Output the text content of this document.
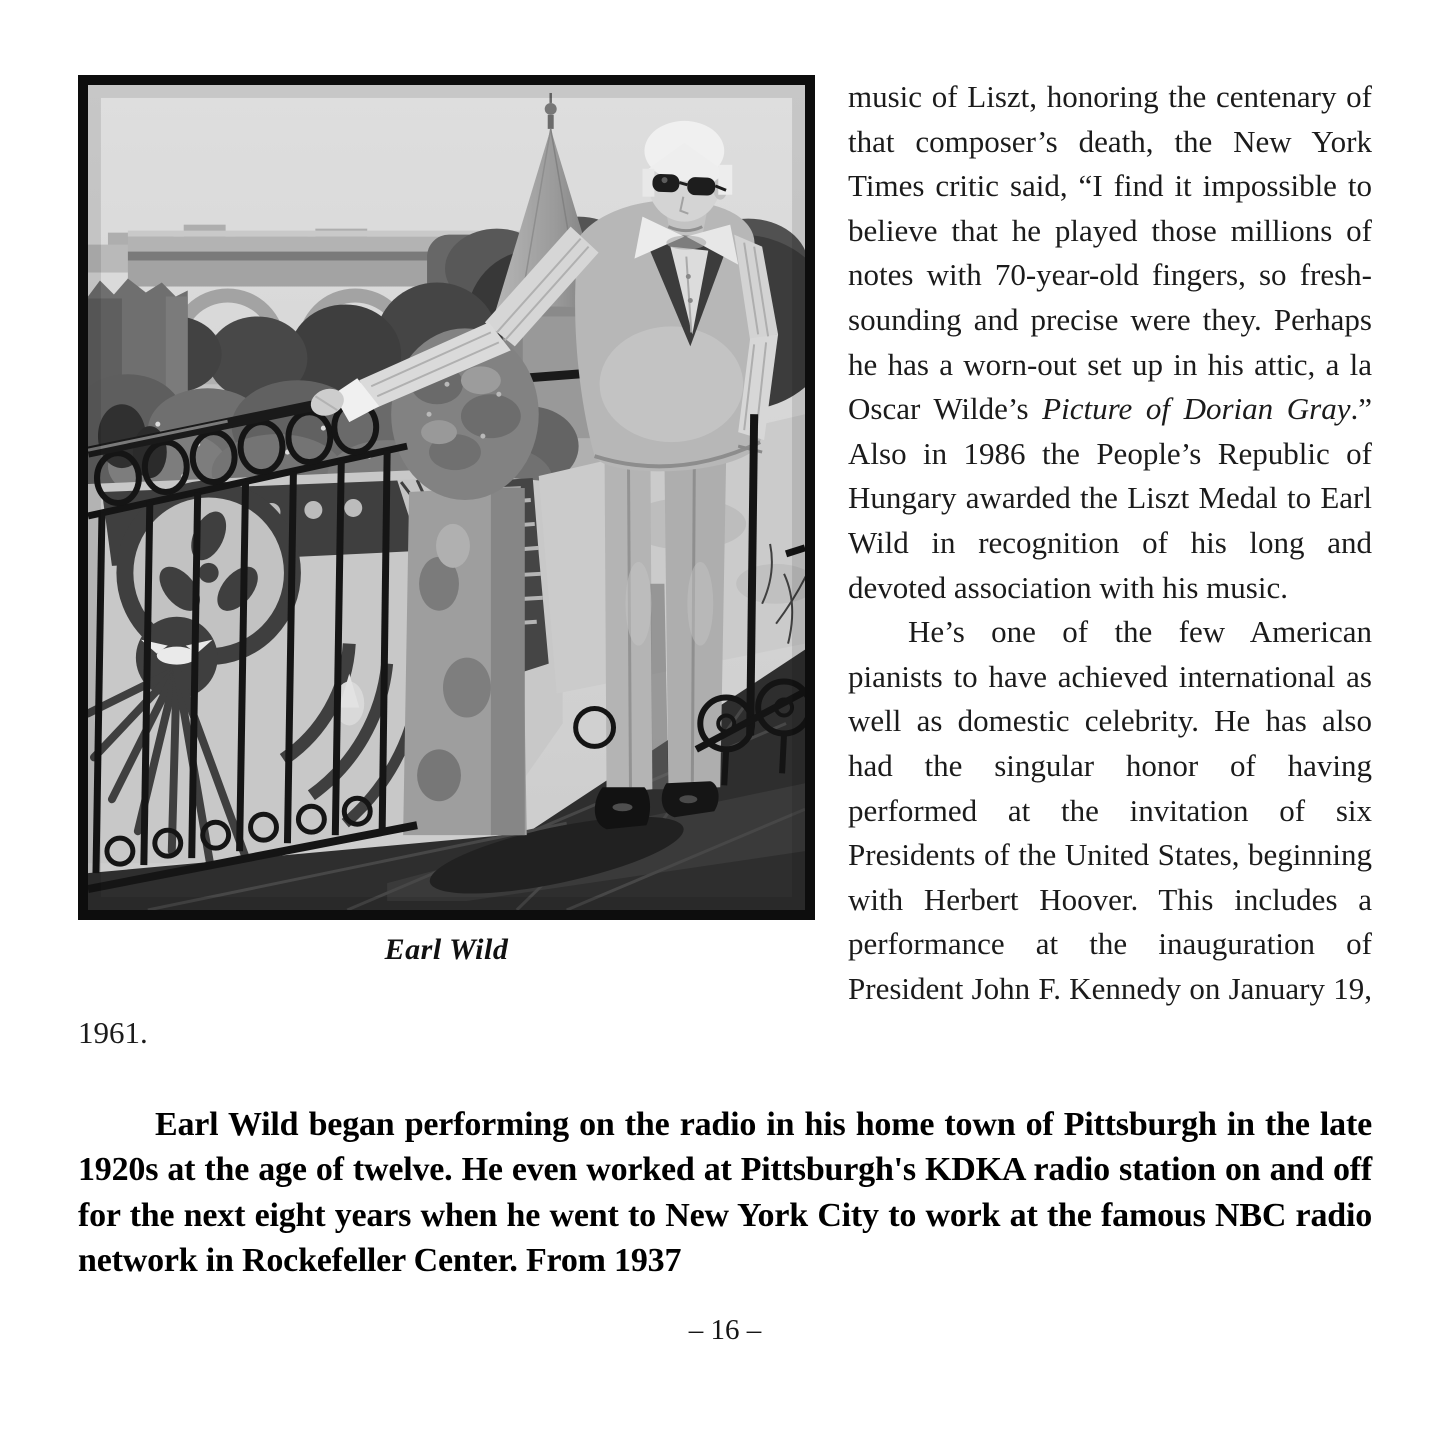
Earl Wild

music of Liszt, honoring the centenary of that composer’s death, the New York Times critic said, “I find it impossible to believe that he played those millions of notes with 70-year-old fingers, so fresh-sounding and precise were they. Perhaps he has a worn-out set up in his attic, a la Oscar Wilde’s Picture of Dorian Gray.” Also in 1986 the People’s Republic of Hungary awarded the Liszt Medal to Earl Wild in recognition of his long and devoted association with his music.

He’s one of the few American pianists to have achieved international as well as domestic celebrity. He has also had the singular honor of having performed at the invitation of six Presidents of the United States, beginning with Herbert Hoover. This includes a performance at the inauguration of President John F. Kennedy on January 19, 1961.

Earl Wild began performing on the radio in his home town of Pittsburgh in the late 1920s at the age of twelve. He even worked at Pittsburgh's KDKA radio station on and off for the next eight years when he went to New York City to work at the famous NBC radio network in Rockefeller Center. From 1937

– 16 –
